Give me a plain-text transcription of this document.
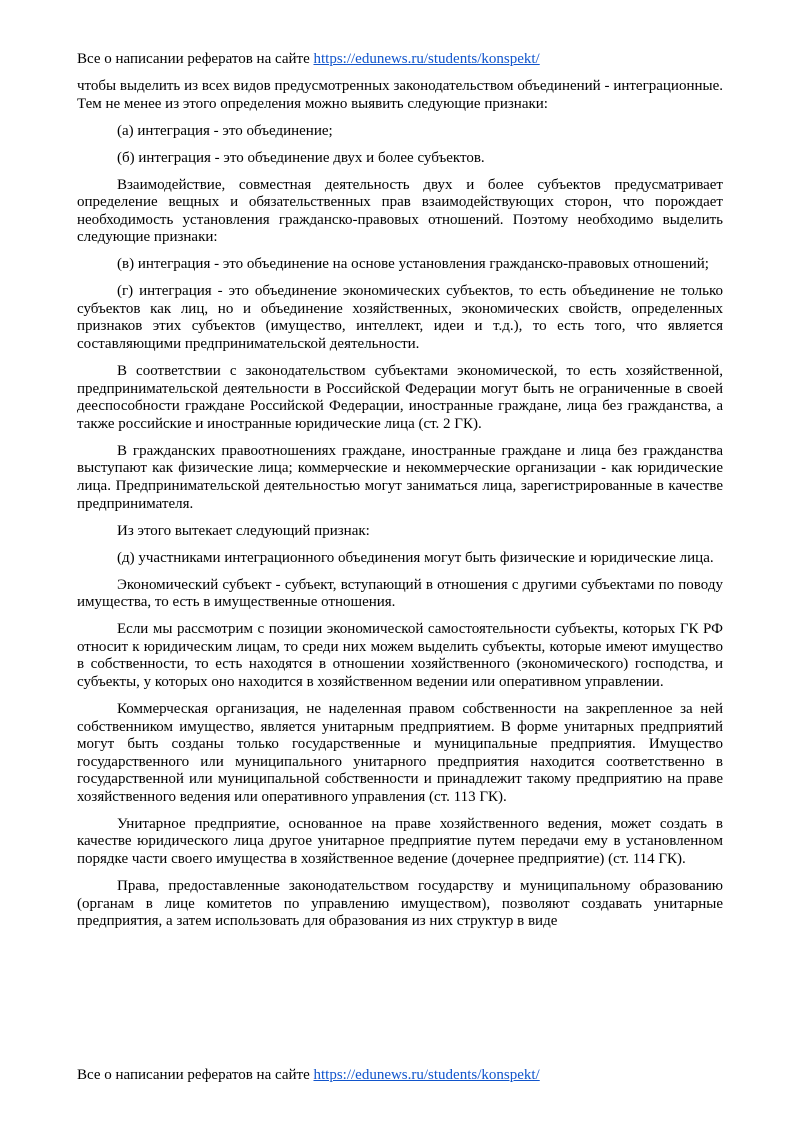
Все о написании рефератов на сайте https://edunews.ru/students/konspekt/

чтобы выделить из всех видов предусмотренных законодательством объединений - интеграционные. Тем не менее из этого определения можно выявить следующие признаки:

(а) интеграция - это объединение;

(б) интеграция - это объединение двух и более субъектов.

Взаимодействие, совместная деятельность двух и более субъектов предусматривает определение вещных и обязательственных прав взаимодействующих сторон, что порождает необходимость установления гражданско-правовых отношений. Поэтому необходимо выделить следующие признаки:

(в) интеграция - это объединение на основе установления гражданско-правовых отношений;

(г) интеграция - это объединение экономических субъектов, то есть объединение не только субъектов как лиц, но и объединение хозяйственных, экономических свойств, определенных признаков этих субъектов (имущество, интеллект, идеи и т.д.), то есть того, что является составляющими предпринимательской деятельности.

В соответствии с законодательством субъектами экономической, то есть хозяйственной, предпринимательской деятельности в Российской Федерации могут быть не ограниченные в своей дееспособности граждане Российской Федерации, иностранные граждане, лица без гражданства, а также российские и иностранные юридические лица (ст. 2 ГК).

В гражданских правоотношениях граждане, иностранные граждане и лица без гражданства выступают как физические лица; коммерческие и некоммерческие организации - как юридические лица. Предпринимательской деятельностью могут заниматься лица, зарегистрированные в качестве предпринимателя.

Из этого вытекает следующий признак:

(д) участниками интеграционного объединения могут быть физические и юридические лица.

Экономический субъект - субъект, вступающий в отношения с другими субъектами по поводу имущества, то есть в имущественные отношения.

Если мы рассмотрим с позиции экономической самостоятельности субъекты, которых ГК РФ относит к юридическим лицам, то среди них можем выделить субъекты, которые имеют имущество в собственности, то есть находятся в отношении хозяйственного (экономического) господства, и субъекты, у которых оно находится в хозяйственном ведении или оперативном управлении.

Коммерческая организация, не наделенная правом собственности на закрепленное за ней собственником имущество, является унитарным предприятием. В форме унитарных предприятий могут быть созданы только государственные и муниципальные предприятия. Имущество государственного или муниципального унитарного предприятия находится соответственно в государственной или муниципальной собственности и принадлежит такому предприятию на праве хозяйственного ведения или оперативного управления (ст. 113 ГК).

Унитарное предприятие, основанное на праве хозяйственного ведения, может создать в качестве юридического лица другое унитарное предприятие путем передачи ему в установленном порядке части своего имущества в хозяйственное ведение (дочернее предприятие) (ст. 114 ГК).

Права, предоставленные законодательством государству и муниципальному образованию (органам в лице комитетов по управлению имуществом), позволяют создавать унитарные предприятия, а затем использовать для образования из них структур в виде

Все о написании рефератов на сайте https://edunews.ru/students/konspekt/
